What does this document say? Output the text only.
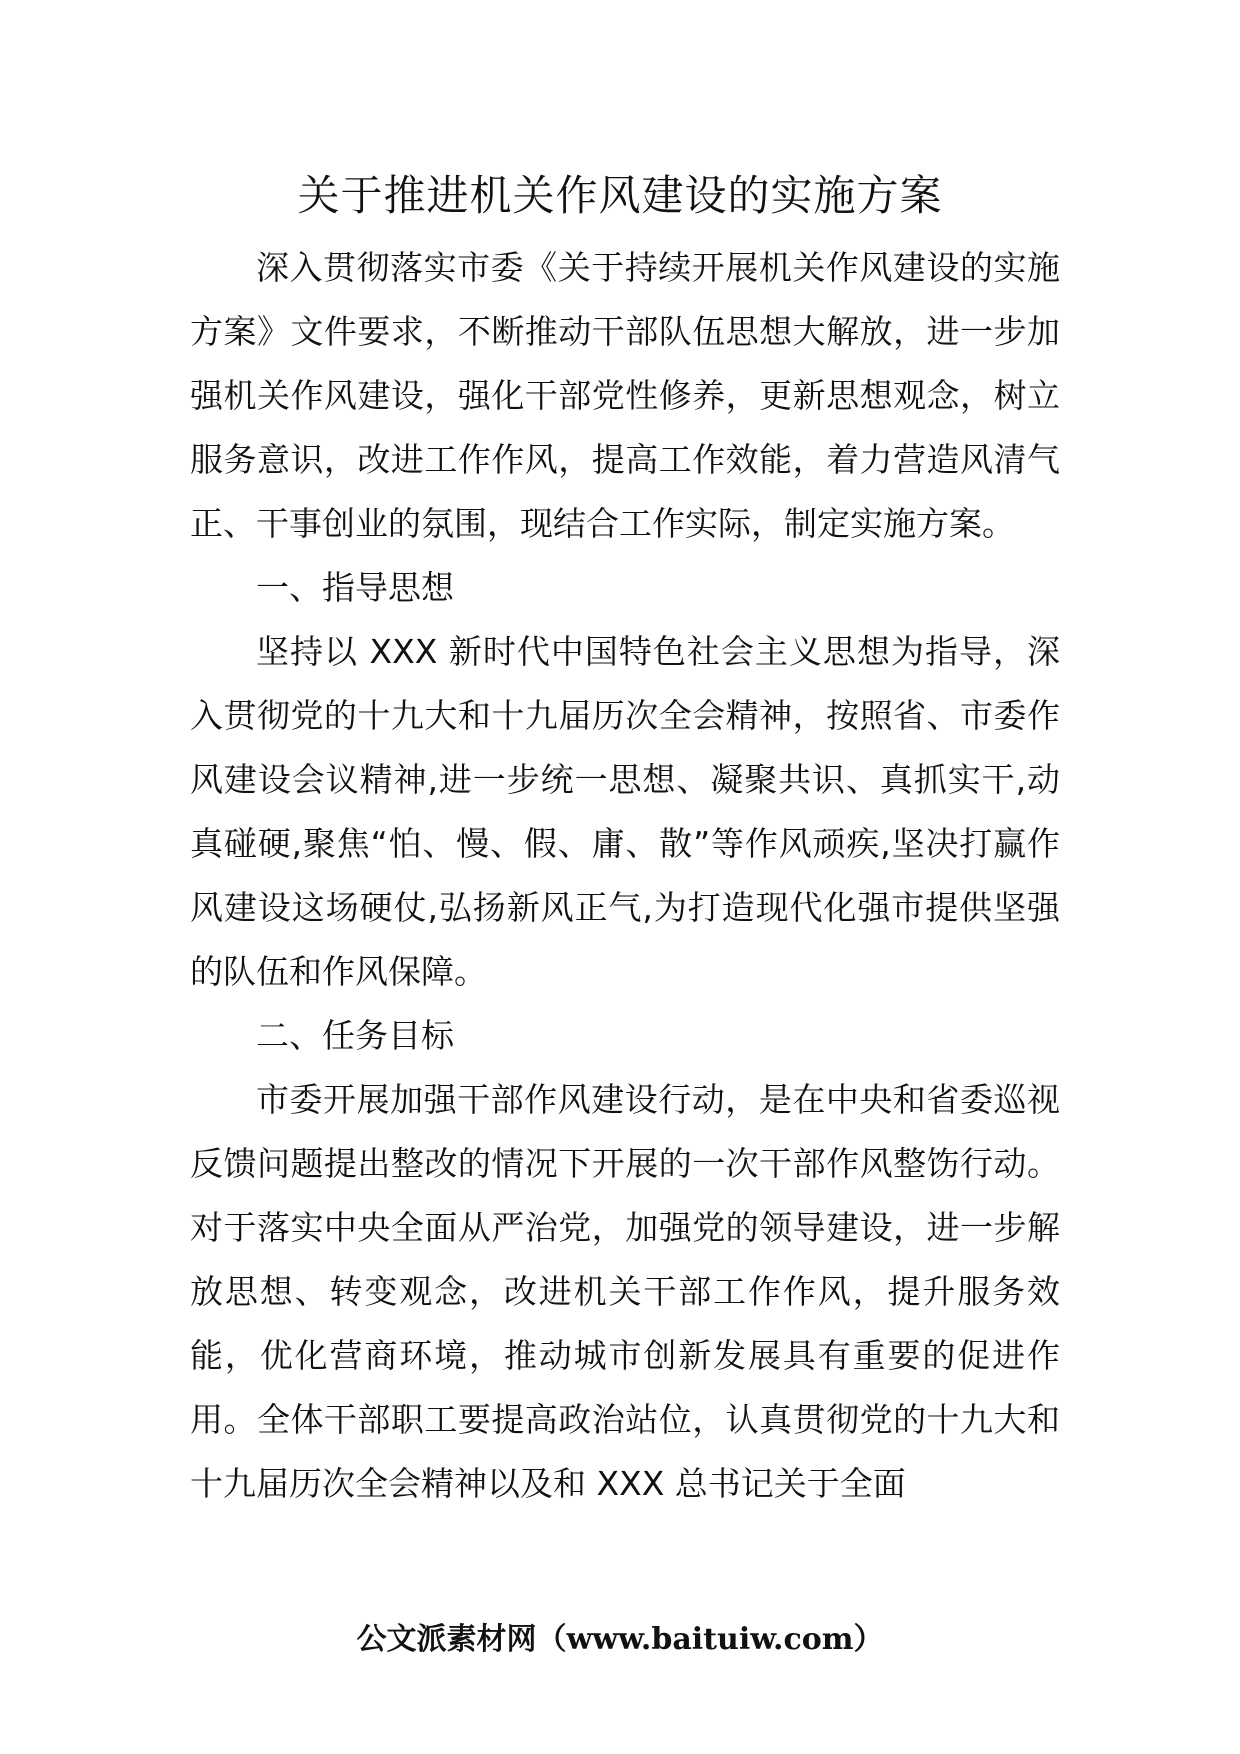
关于推进机关作风建设的实施方案

深入贯彻落实市委《关于持续开展机关作风建设的实施方案》文件要求，不断推动干部队伍思想大解放，进一步加强机关作风建设，强化干部党性修养，更新思想观念，树立服务意识，改进工作作风，提高工作效能，着力营造风清气正、干事创业的氛围，现结合工作实际，制定实施方案。

一、指导思想

坚持以 XXX 新时代中国特色社会主义思想为指导，深入贯彻党的十九大和十九届历次全会精神，按照省、市委作风建设会议精神,进一步统一思想、凝聚共识、真抓实干,动真碰硬,聚焦“怕、慢、假、庸、散”等作风顽疾,坚决打赢作风建设这场硬仗,弘扬新风正气,为打造现代化强市提供坚强的队伍和作风保障。

二、任务目标

市委开展加强干部作风建设行动，是在中央和省委巡视反馈问题提出整改的情况下开展的一次干部作风整饬行动。对于落实中央全面从严治党，加强党的领导建设，进一步解放思想、转变观念，改进机关干部工作作风，提升服务效能，优化营商环境，推动城市创新发展具有重要的促进作用。全体干部职工要提高政治站位，认真贯彻党的十九大和十九届历次全会精神以及和 XXX 总书记关于全面

公文派素材网（www.baituiw.com）
